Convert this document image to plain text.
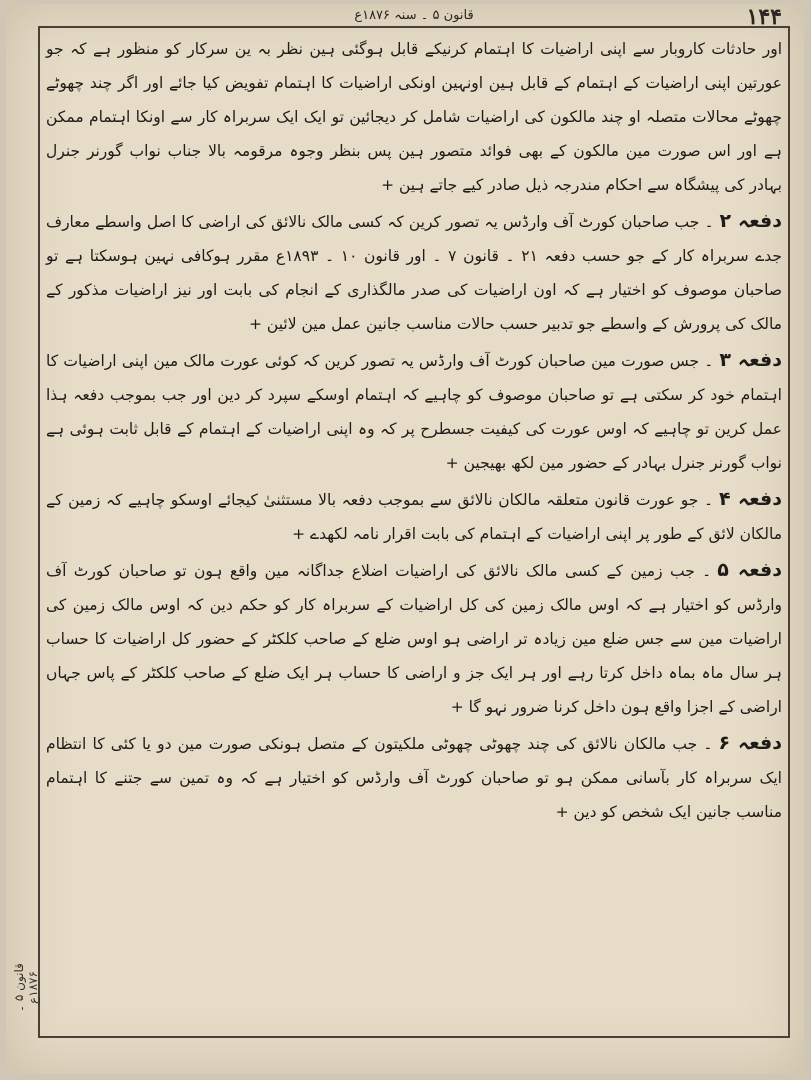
۱۴۴
قانون ۵ ۔ سنہ ۱۸۷۶ع

اور حادثات کاروبار سے اپنی اراضیات کا اہتمام کرنیکے قابل ہوگئی ہین نظر بہ ین سرکار کو منظور ہے کہ جو عورتین اپنی اراضیات کے اہتمام کے قابل ہین اونہین اونکی اراضیات کا اہتمام تفویض کیا جائے اور اگر چند چھوٹے چھوٹے محالات متصلہ او چند مالکون کی اراضیات شامل کر دیجائین تو ایک ایک سربراہ کار سے اونکا اہتمام ممکن ہے اور اس صورت مین مالکون کے بھی فوائد متصور ہین پس بنظر وجوہ مرقومہ بالا جناب نواب گورنر جنرل بہادر کی پیشگاہ سے احکام مندرجہ ذیل صادر کیے جاتے ہین +

دفعہ ۲۔ جب صاحبان کورٹ آف وارڈس یہ تصور کرین کہ کسی مالک نالائق کی اراضی کا اصل واسطے معارف جدے سربراہ کار کے جو حسب دفعہ ۲۱ ۔ قانون ۷ ۔ اور قانون ۱۰ ۔ ۱۸۹۳ع مقرر ہوکافی نہین ہوسکتا ہے تو صاحبان موصوف کو اختیار ہے کہ اون اراضیات کی صدر مالگذاری کے انجام کی بابت اور نیز اراضیات مذکور کے مالک کی پرورش کے واسطے جو تدبیر حسب حالات مناسب جانین عمل مین لائین +

دفعہ ۳۔ جس صورت مین صاحبان کورٹ آف وارڈس یہ تصور کرین کہ کوئی عورت مالک مین اپنی اراضیات کا اہتمام خود کر سکتی ہے تو صاحبان موصوف کو چاہیے کہ اہتمام اوسکے سپرد کر دین اور جب بموجب دفعہ ہذا عمل کرین تو چاہیے کہ اوس عورت کی کیفیت جسطرح پر کہ وہ اپنی اراضیات کے اہتمام کے قابل ثابت ہوئی ہے نواب گورنر جنرل بہادر کے حضور مین لکھ بھیجین +

دفعہ ۴۔ جو عورت قانون متعلقہ مالکان نالائق سے بموجب دفعہ بالا مستثنیٰ کیجائے اوسکو چاہیے کہ زمین کے مالکان لائق کے طور پر اپنی اراضیات کے اہتمام کی بابت اقرار نامہ لکھدے +

دفعہ ۵۔ جب زمین کے کسی مالک نالائق کی اراضیات اضلاع جداگانہ مین واقع ہون تو صاحبان کورٹ آف وارڈس کو اختیار ہے کہ اوس مالک زمین کی کل اراضیات کے سربراہ کار کو حکم دین کہ اوس مالک زمین کی اراضیات مین سے جس ضلع مین زیادہ تر اراضی ہو اوس ضلع کے صاحب کلکٹر کے حضور کل اراضیات کا حساب ہر سال ماہ بماہ داخل کرتا رہے اور ہر ایک جز و اراضی کا حساب ہر ایک ضلع کے صاحب کلکٹر کے پاس جہاں اراضی کے اجزا واقع ہون داخل کرنا ضرور نہو گا +

دفعہ ۶۔ جب مالکان نالائق کی چند چھوٹی چھوٹی ملکیتون کے متصل ہونکی صورت مین دو یا کئی کا انتظام ایک سربراہ کار بآسانی ممکن ہو تو صاحبان کورٹ آف وارڈس کو اختیار ہے کہ وہ تمین سے جتنے کا اہتمام مناسب جانین ایک شخص کو دین +

قانون ۵ ۔ ۱۸۷۶ع
